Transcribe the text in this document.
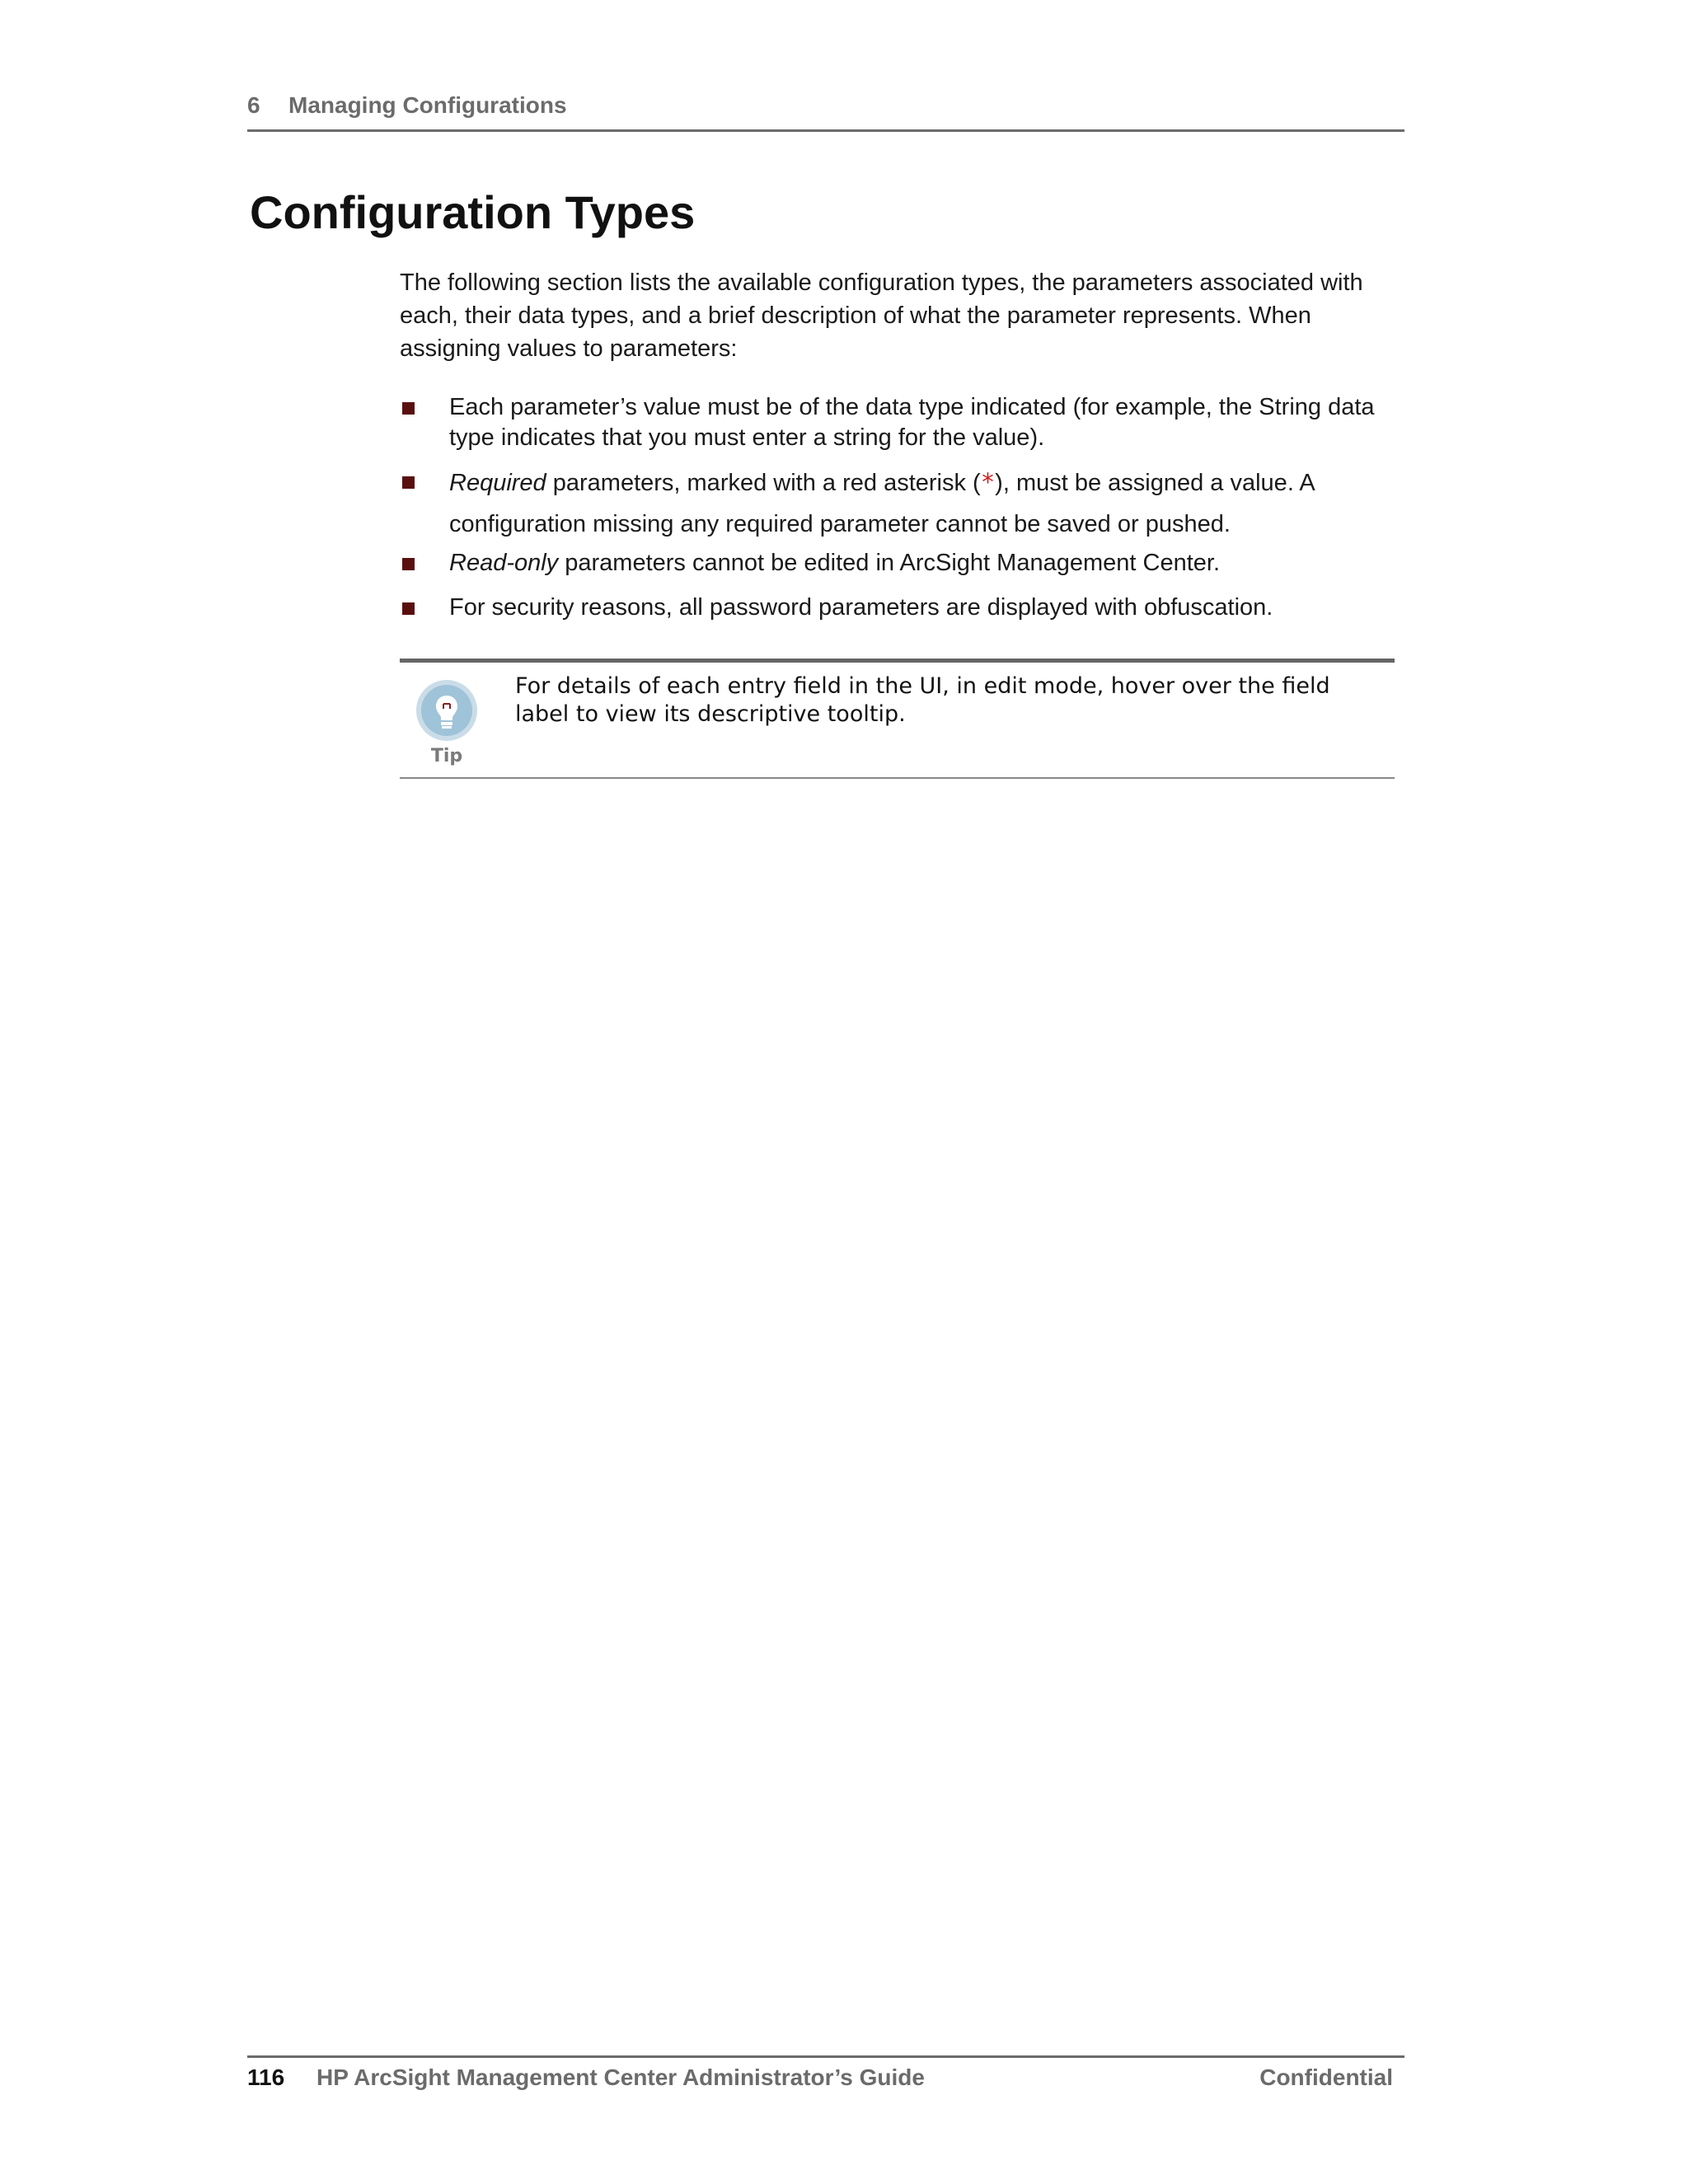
6 Managing Configurations
Configuration Types

The following section lists the available configuration types, the parameters associated with each, their data types, and a brief description of what the parameter represents. When assigning values to parameters:

Each parameter’s value must be of the data type indicated (for example, the String data type indicates that you must enter a string for the value).
Required parameters, marked with a red asterisk (*), must be assigned a value. A configuration missing any required parameter cannot be saved or pushed.
Read-only parameters cannot be edited in ArcSight Management Center.
For security reasons, all password parameters are displayed with obfuscation.
Tip

For details of each entry field in the UI, in edit mode, hover over the field label to view its descriptive tooltip.

116 HP ArcSight Management Center Administrator’s Guide	Confidential
